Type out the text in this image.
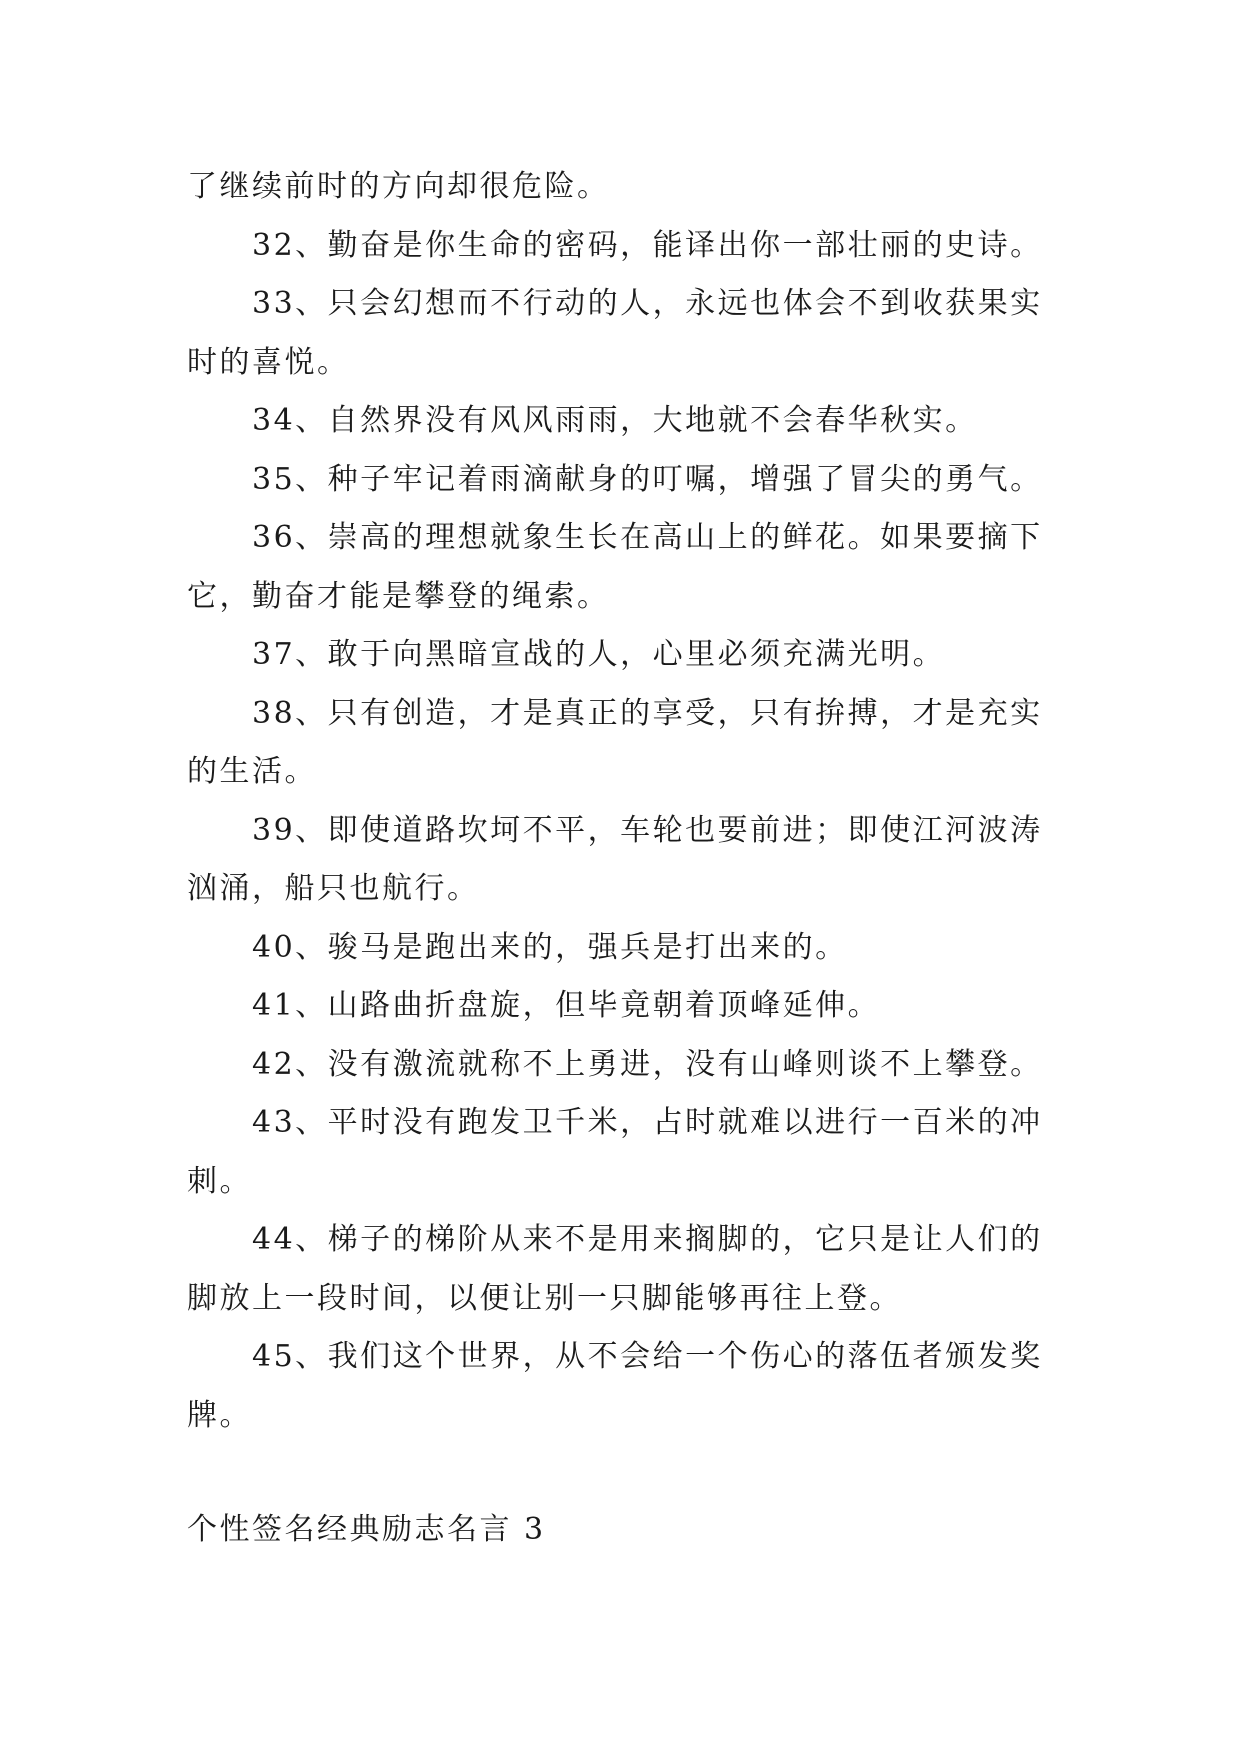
了继续前时的方向却很危险。

32、勤奋是你生命的密码，能译出你一部壮丽的史诗。

33、只会幻想而不行动的人，永远也体会不到收获果实
时的喜悦。

34、自然界没有风风雨雨，大地就不会春华秋实。

35、种子牢记着雨滴献身的叮嘱，增强了冒尖的勇气。

36、崇高的理想就象生长在高山上的鲜花。如果要摘下
它，勤奋才能是攀登的绳索。

37、敢于向黑暗宣战的人，心里必须充满光明。

38、只有创造，才是真正的享受，只有拚搏，才是充实
的生活。

39、即使道路坎坷不平，车轮也要前进；即使江河波涛
汹涌，船只也航行。

40、骏马是跑出来的，强兵是打出来的。

41、山路曲折盘旋，但毕竟朝着顶峰延伸。

42、没有激流就称不上勇进，没有山峰则谈不上攀登。

43、平时没有跑发卫千米，占时就难以进行一百米的冲
刺。

44、梯子的梯阶从来不是用来搁脚的，它只是让人们的
脚放上一段时间，以便让别一只脚能够再往上登。

45、我们这个世界，从不会给一个伤心的落伍者颁发奖
牌。

个性签名经典励志名言 3
